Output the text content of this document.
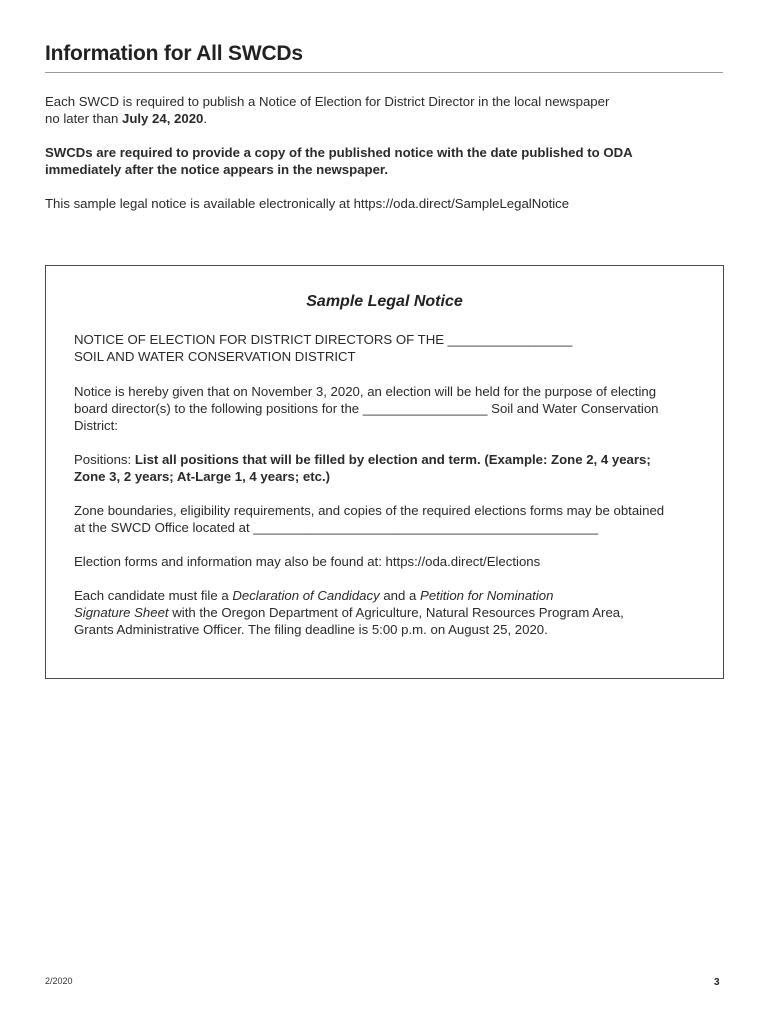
Information for All SWCDs
Each SWCD is required to publish a Notice of Election for District Director in the local newspaper
no later than July 24, 2020.
SWCDs are required to provide a copy of the published notice with the date published to ODA
immediately after the notice appears in the newspaper.
This sample legal notice is available electronically at https://oda.direct/SampleLegalNotice
Sample Legal Notice
NOTICE OF ELECTION FOR DISTRICT DIRECTORS OF THE _________________
SOIL AND WATER CONSERVATION DISTRICT
Notice is hereby given that on November 3, 2020, an election will be held for the purpose of electing
board director(s) to the following positions for the _________________ Soil and Water Conservation
District:
Positions: List all positions that will be filled by election and term. (Example: Zone 2, 4 years;
Zone 3, 2 years; At-Large 1, 4 years; etc.)
Zone boundaries, eligibility requirements, and copies of the required elections forms may be obtained
at the SWCD Office located at _______________________________________________
Election forms and information may also be found at: https://oda.direct/Elections
Each candidate must file a Declaration of Candidacy and a Petition for Nomination
Signature Sheet with the Oregon Department of Agriculture, Natural Resources Program Area,
Grants Administrative Officer. The filing deadline is 5:00 p.m. on August 25, 2020.
2/2020	3
